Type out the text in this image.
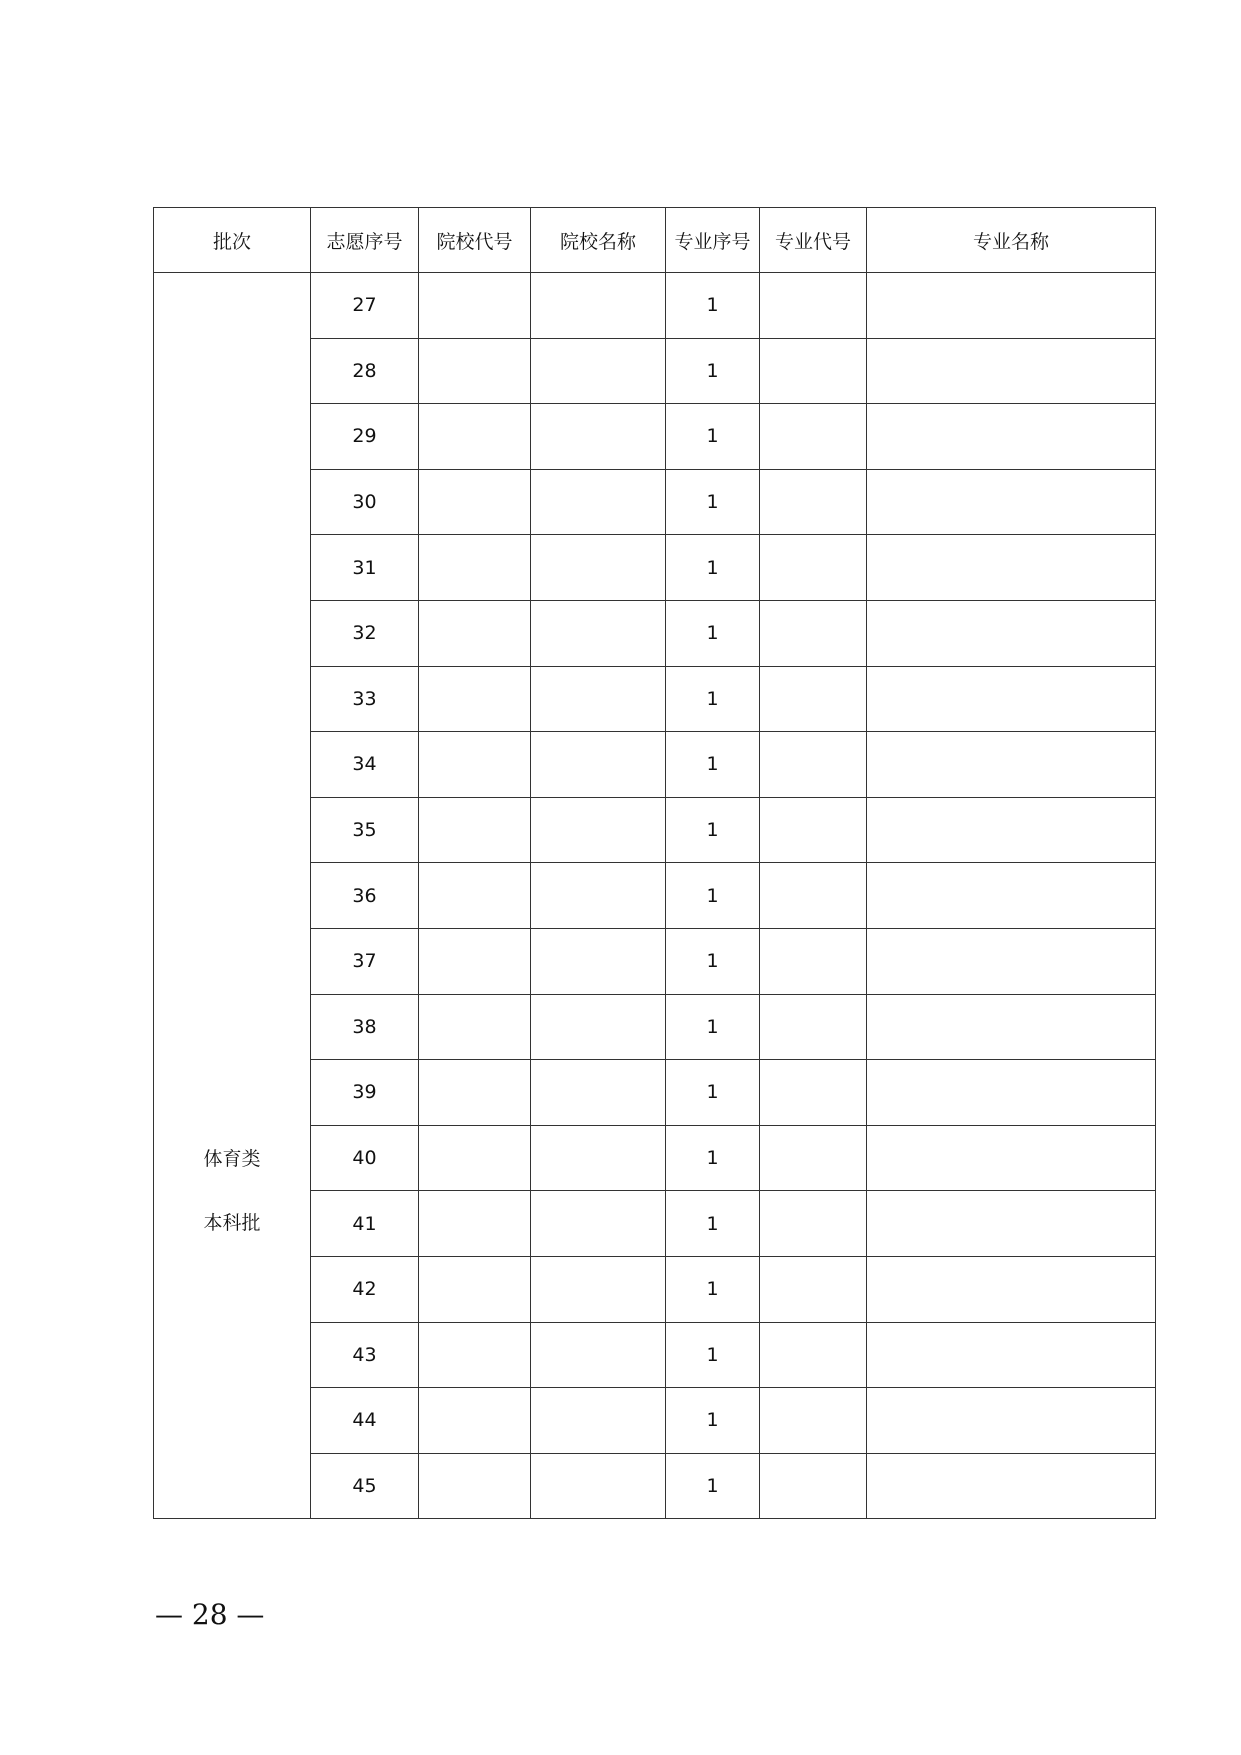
批次	志愿序号	院校代号	院校名称	专业序号	专业代号	专业名称

体育类
本科批	27			1		
	28			1		
	29			1		
	30			1		
	31			1		
	32			1		
	33			1		
	34			1		
	35			1		
	36			1		
	37			1		
	38			1		
	39			1		
	40			1		
	41			1		
	42			1		
	43			1		
	44			1		
	45			1		
— 28 —
